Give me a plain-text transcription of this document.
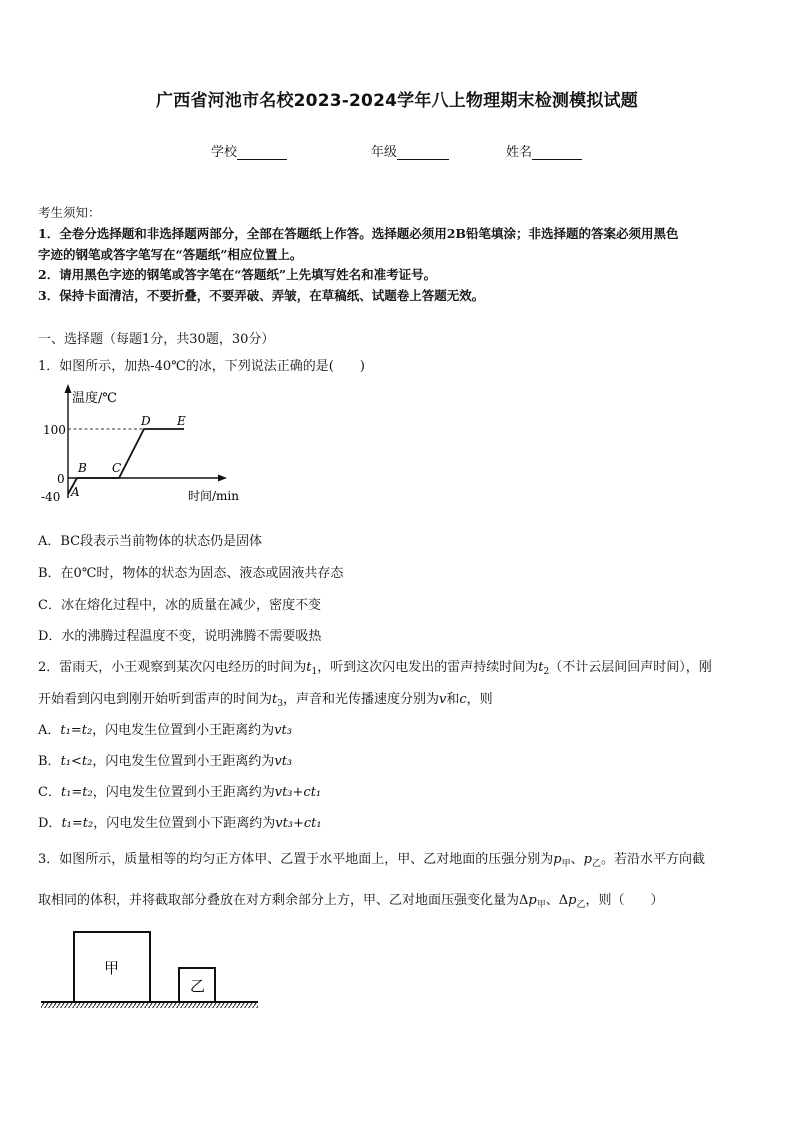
广西省河池市名校2023-2024学年八上物理期末检测模拟试题
学校	年级	姓名
考生须知：
1．全卷分选择题和非选择题两部分，全部在答题纸上作答。选择题必须用2B铅笔填涂；非选择题的答案必须用黑色
字迹的钢笔或答字笔写在“答题纸”相应位置上。
2．请用黑色字迹的钢笔或答字笔在“答题纸”上先填写姓名和准考证号。
3．保持卡面清洁，不要折叠，不要弄破、弄皱，在草稿纸、试题卷上答题无效。
一、选择题（每题1分，共30题，30分）
1．如图所示，加热-40℃的冰，下列说法正确的是(　　)
温度/℃
时间/min
100
0
-40 A
B C
D E
A．BC段表示当前物体的状态仍是固体
B．在0℃时，物体的状态为固态、液态或固液共存态
C．冰在熔化过程中，冰的质量在减少，密度不变
D．水的沸腾过程温度不变，说明沸腾不需要吸热
2．雷雨天，小王观察到某次闪电经历的时间为$t_1$，听到这次闪电发出的雷声持续时间为$t_2$（不计云层间回声时间），刚
开始看到闪电到刚开始听到雷声的时间为$t_3$，声音和光传播速度分别为v和c，则
A．t₁=t₂，闪电发生位置到小王距离约为vt₃
B．t₁<t₂，闪电发生位置到小王距离约为vt₃
C．t₁=t₂，闪电发生位置到小王距离约为vt₃+ct₁
D．t₁=t₂，闪电发生位置到小下距离约为vt₃+ct₁
3．如图所示，质量相等的均匀正方体甲、乙置于水平地面上，甲、乙对地面的压强分别为$p_甲$、$p_乙$。若沿水平方向截
取相同的体积，并将截取部分叠放在对方剩余部分上方，甲、乙对地面压强变化量为$\Delta p_甲$、$\Delta p_乙$，则（　　）
甲
乙
